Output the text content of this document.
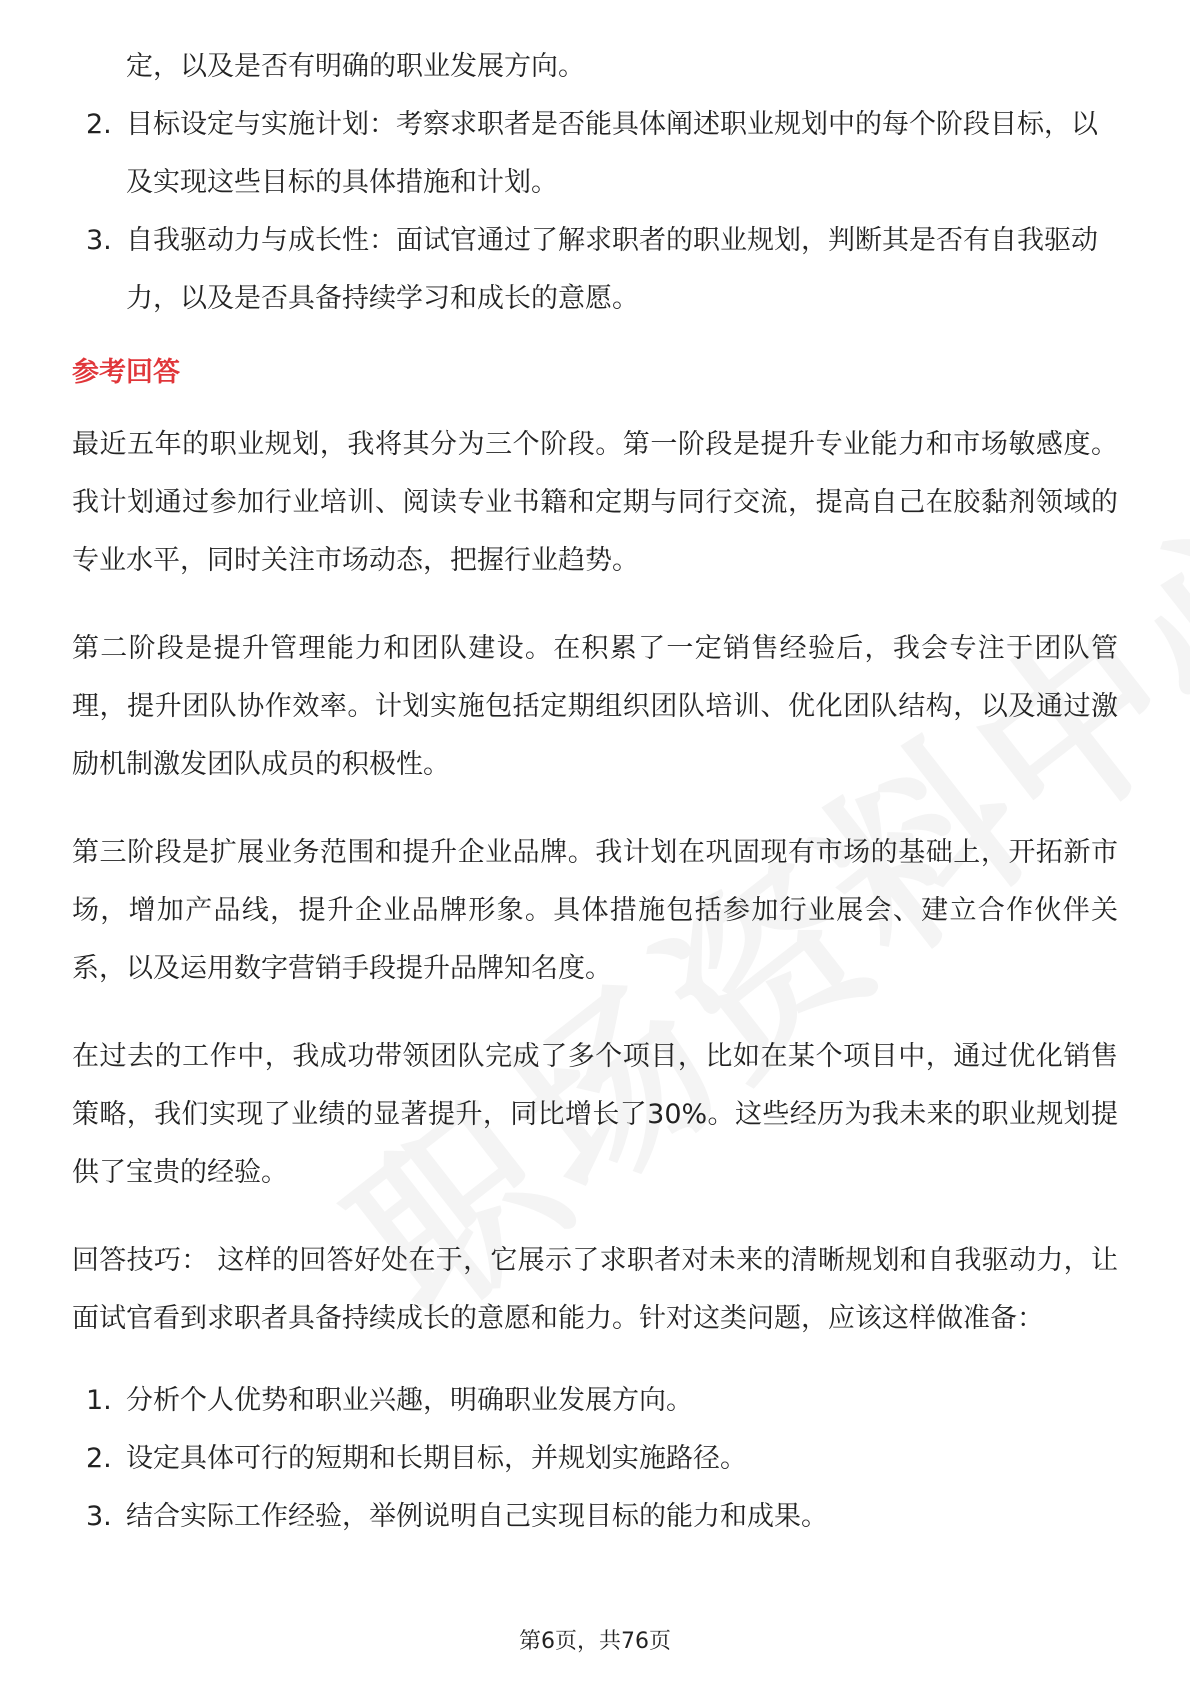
定，以及是否有明确的职业发展方向。

2. 目标设定与实施计划：考察求职者是否能具体阐述职业规划中的每个阶段目标，以及实现这些目标的具体措施和计划。
3. 自我驱动力与成长性：面试官通过了解求职者的职业规划，判断其是否有自我驱动力，以及是否具备持续学习和成长的意愿。
参考回答

最近五年的职业规划，我将其分为三个阶段。第一阶段是提升专业能力和市场敏感度。我计划通过参加行业培训、阅读专业书籍和定期与同行交流，提高自己在胶黏剂领域的专业水平，同时关注市场动态，把握行业趋势。

第二阶段是提升管理能力和团队建设。在积累了一定销售经验后，我会专注于团队管理，提升团队协作效率。计划实施包括定期组织团队培训、优化团队结构，以及通过激励机制激发团队成员的积极性。

第三阶段是扩展业务范围和提升企业品牌。我计划在巩固现有市场的基础上，开拓新市场，增加产品线，提升企业品牌形象。具体措施包括参加行业展会、建立合作伙伴关系，以及运用数字营销手段提升品牌知名度。

在过去的工作中，我成功带领团队完成了多个项目，比如在某个项目中，通过优化销售策略，我们实现了业绩的显著提升，同比增长了30%。这些经历为我未来的职业规划提供了宝贵的经验。

回答技巧： 这样的回答好处在于，它展示了求职者对未来的清晰规划和自我驱动力，让面试官看到求职者具备持续成长的意愿和能力。针对这类问题，应该这样做准备：

1. 分析个人优势和职业兴趣，明确职业发展方向。
2. 设定具体可行的短期和长期目标，并规划实施路径。
3. 结合实际工作经验，举例说明自己实现目标的能力和成果。
第6页，共76页
